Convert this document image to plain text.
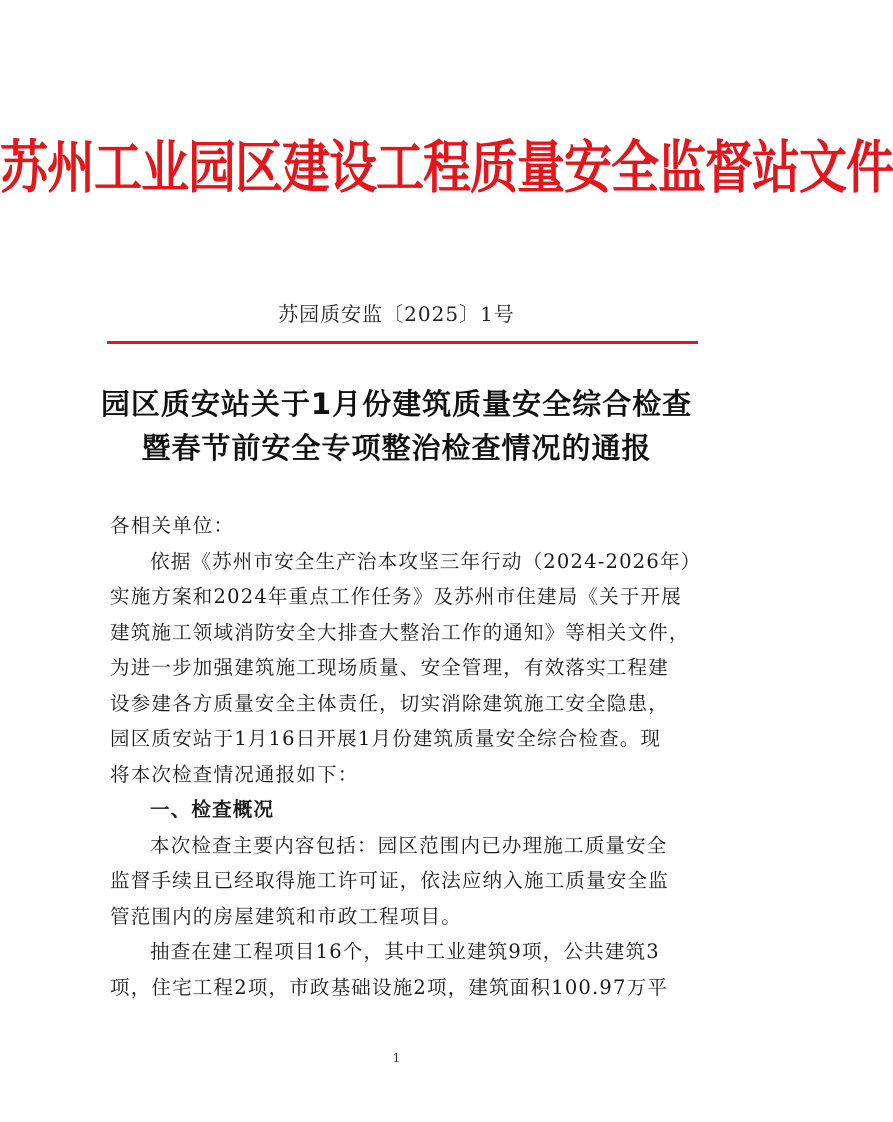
苏州工业园区建设工程质量安全监督站文件
苏园质安监〔2025〕1号
园区质安站关于1月份建筑质量安全综合检查
暨春节前安全专项整治检查情况的通报
各相关单位：
依据《苏州市安全生产治本攻坚三年行动（2024-2026年）
实施方案和2024年重点工作任务》及苏州市住建局《关于开展
建筑施工领域消防安全大排查大整治工作的通知》等相关文件，
为进一步加强建筑施工现场质量、安全管理，有效落实工程建
设参建各方质量安全主体责任，切实消除建筑施工安全隐患，
园区质安站于1月16日开展1月份建筑质量安全综合检查。现
将本次检查情况通报如下：
一、检查概况
本次检查主要内容包括：园区范围内已办理施工质量安全
监督手续且已经取得施工许可证，依法应纳入施工质量安全监
管范围内的房屋建筑和市政工程项目。
抽查在建工程项目16个，其中工业建筑9项，公共建筑3
项，住宅工程2项，市政基础设施2项，建筑面积100.97万平
1
